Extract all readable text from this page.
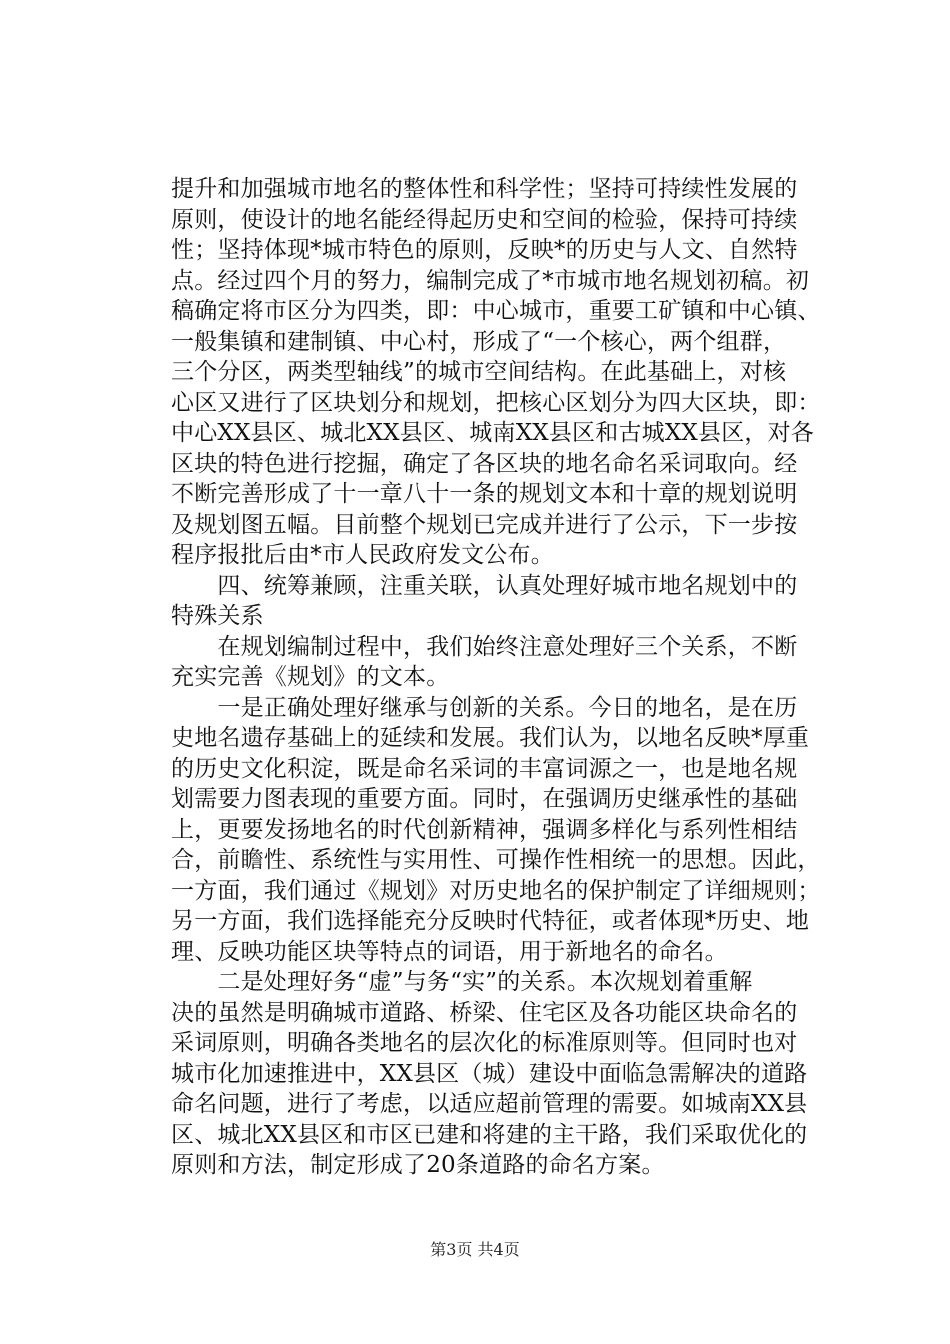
提升和加强城市地名的整体性和科学性；坚持可持续性发展的
原则，使设计的地名能经得起历史和空间的检验，保持可持续
性；坚持体现*城市特色的原则，反映*的历史与人文、自然特
点。经过四个月的努力，编制完成了*市城市地名规划初稿。初
稿确定将市区分为四类，即：中心城市，重要工矿镇和中心镇、
一般集镇和建制镇、中心村，形成了“一个核心，两个组群，
三个分区，两类型轴线”的城市空间结构。在此基础上，对核
心区又进行了区块划分和规划，把核心区划分为四大区块，即：
中心XX县区、城北XX县区、城南XX县区和古城XX县区，对各
区块的特色进行挖掘，确定了各区块的地名命名采词取向。经
不断完善形成了十一章八十一条的规划文本和十章的规划说明
及规划图五幅。目前整个规划已完成并进行了公示，下一步按
程序报批后由*市人民政府发文公布。
　　四、统筹兼顾，注重关联，认真处理好城市地名规划中的
特殊关系
　　在规划编制过程中，我们始终注意处理好三个关系，不断
充实完善《规划》的文本。
　　一是正确处理好继承与创新的关系。今日的地名，是在历
史地名遗存基础上的延续和发展。我们认为，以地名反映*厚重
的历史文化积淀，既是命名采词的丰富词源之一，也是地名规
划需要力图表现的重要方面。同时，在强调历史继承性的基础
上，更要发扬地名的时代创新精神，强调多样化与系列性相结
合，前瞻性、系统性与实用性、可操作性相统一的思想。因此，
一方面，我们通过《规划》对历史地名的保护制定了详细规则；
另一方面，我们选择能充分反映时代特征，或者体现*历史、地
理、反映功能区块等特点的词语，用于新地名的命名。
　　二是处理好务“虚”与务“实”的关系。本次规划着重解
决的虽然是明确城市道路、桥梁、住宅区及各功能区块命名的
采词原则，明确各类地名的层次化的标准原则等。但同时也对
城市化加速推进中，XX县区（城）建设中面临急需解决的道路
命名问题，进行了考虑，以适应超前管理的需要。如城南XX县
区、城北XX县区和市区已建和将建的主干路，我们采取优化的
原则和方法，制定形成了20条道路的命名方案。
第3页 共4页
